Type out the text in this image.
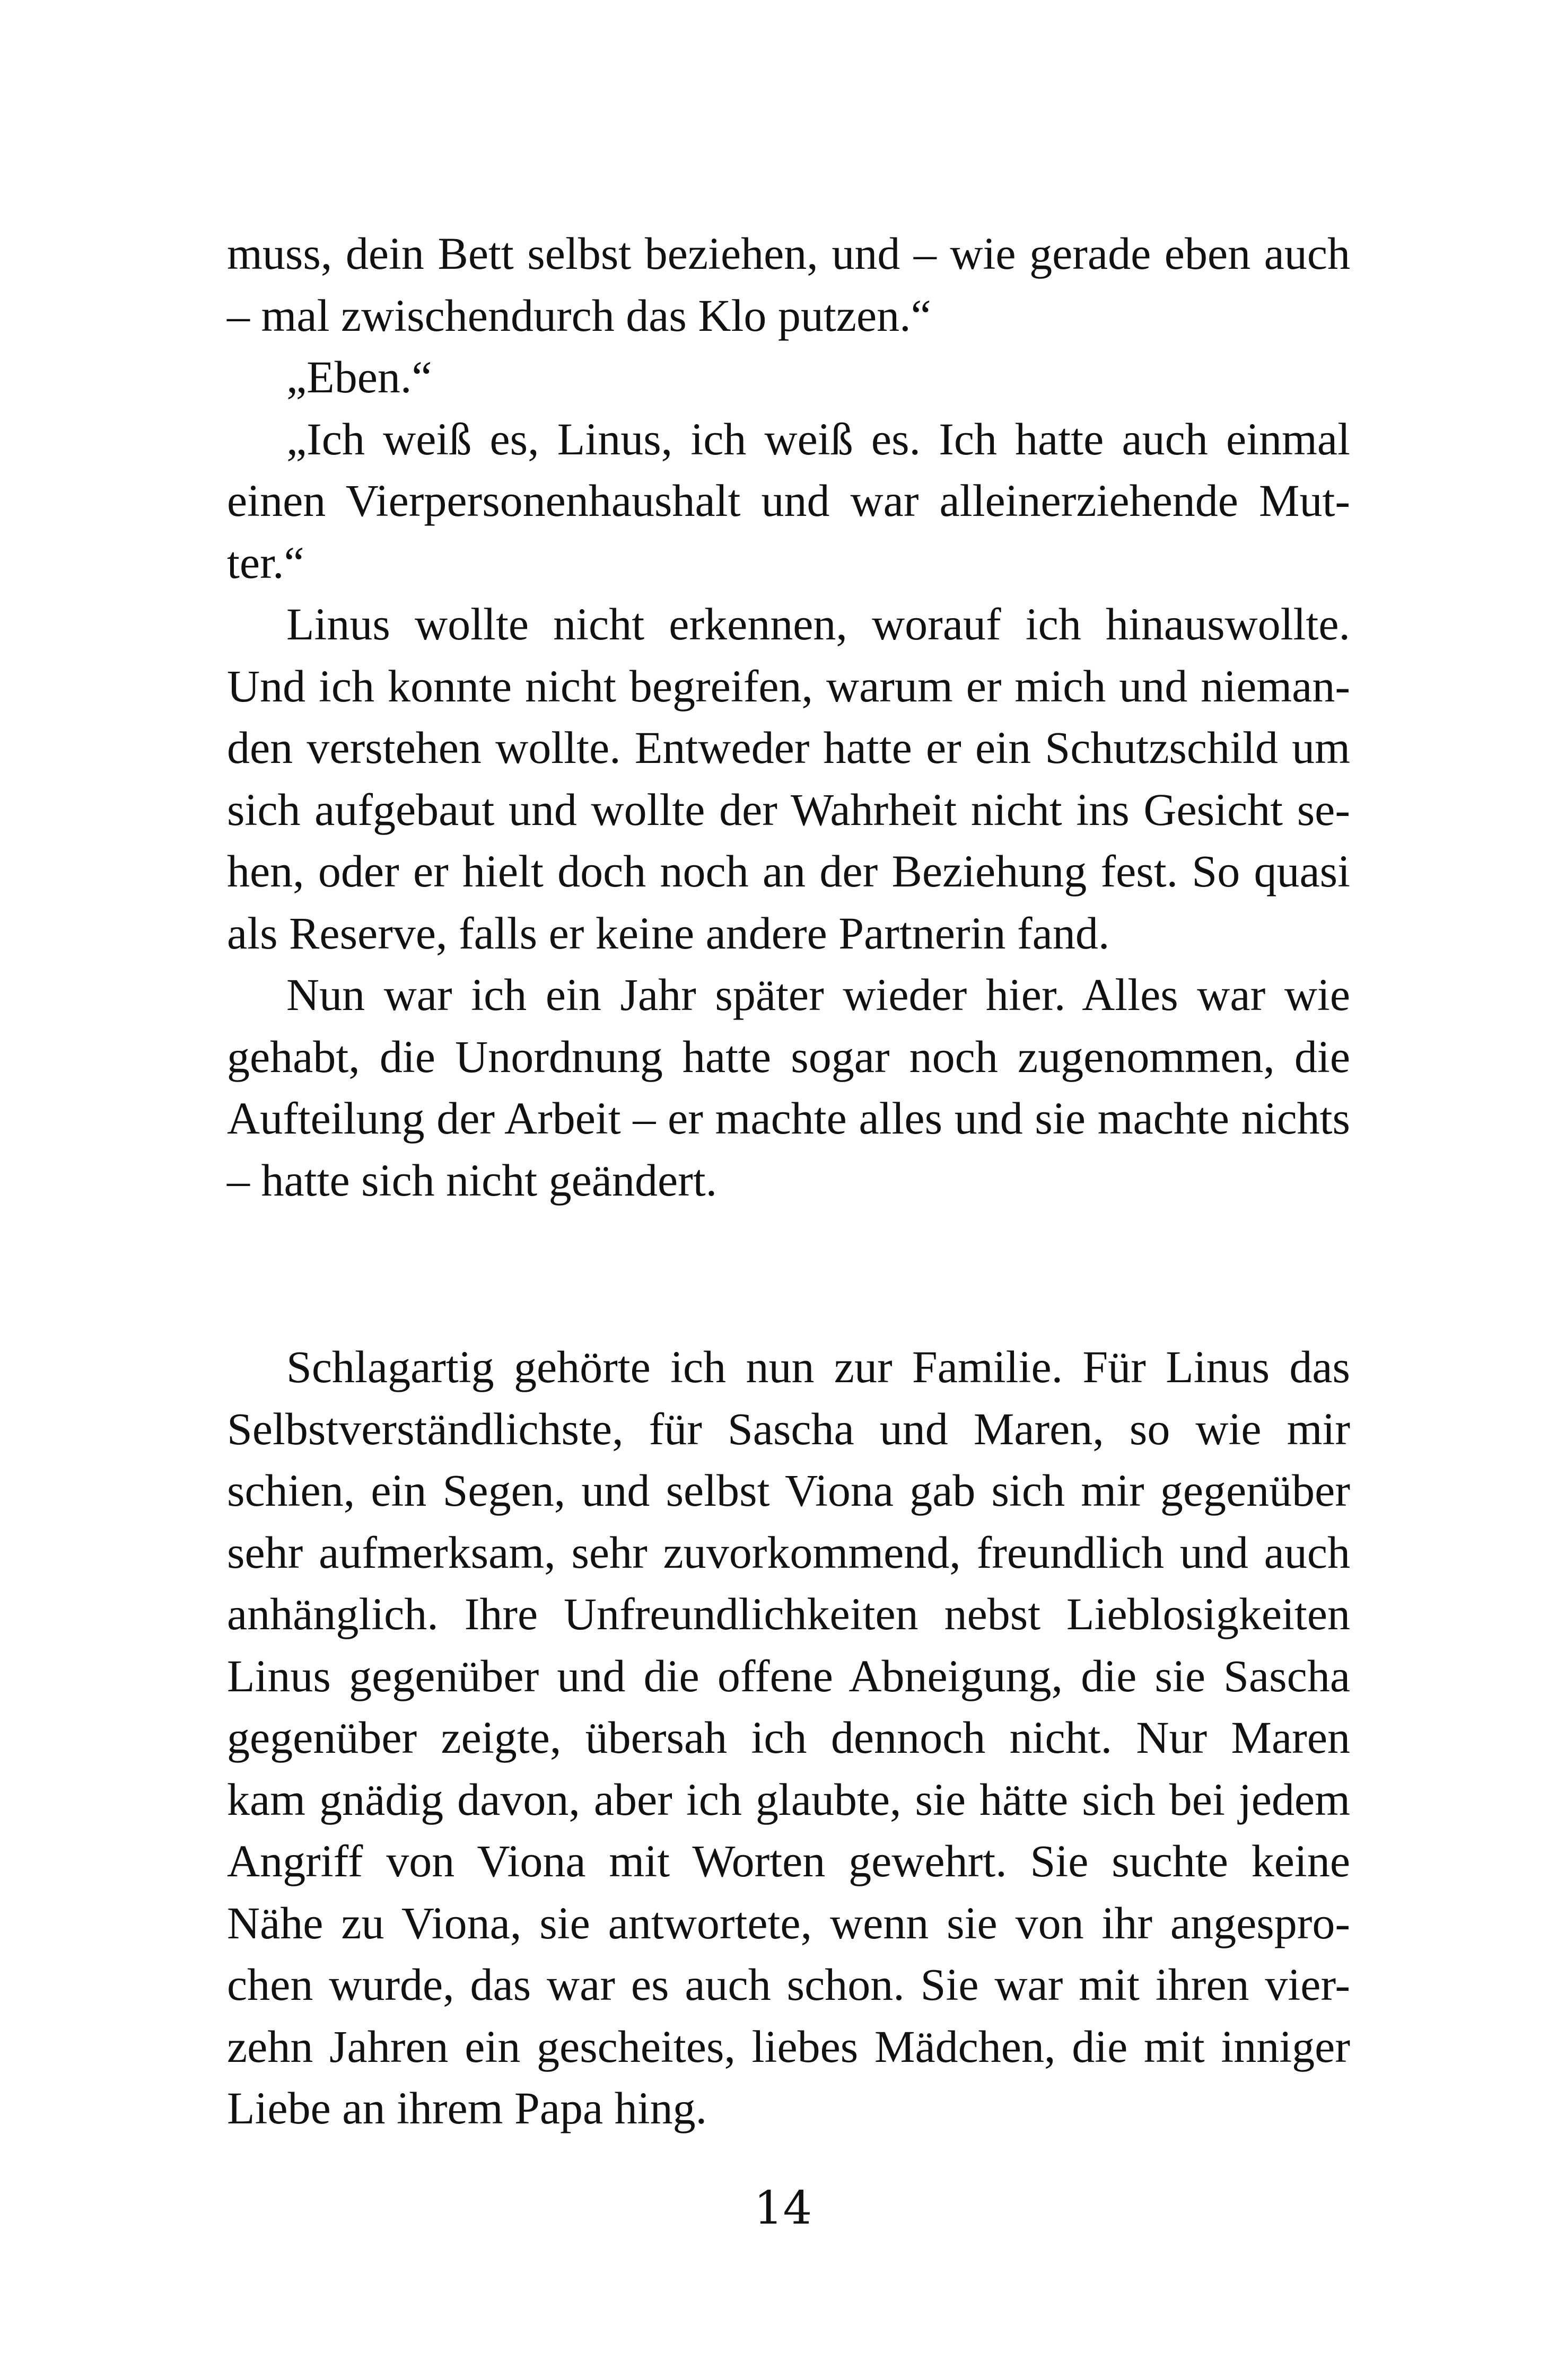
muss, dein Bett selbst beziehen, und – wie gerade eben auch
– mal zwischendurch das Klo putzen.“
„Eben.“
„Ich weiß es, Linus, ich weiß es. Ich hatte auch einmal
einen Vierpersonenhaushalt und war alleinerziehende Mut-
ter.“
Linus wollte nicht erkennen, worauf ich hinauswollte.
Und ich konnte nicht begreifen, warum er mich und nieman-
den verstehen wollte. Entweder hatte er ein Schutzschild um
sich aufgebaut und wollte der Wahrheit nicht ins Gesicht se-
hen, oder er hielt doch noch an der Beziehung fest. So quasi
als Reserve, falls er keine andere Partnerin fand.
Nun war ich ein Jahr später wieder hier. Alles war wie
gehabt, die Unordnung hatte sogar noch zugenommen, die
Aufteilung der Arbeit – er machte alles und sie machte nichts
– hatte sich nicht geändert.
Schlagartig gehörte ich nun zur Familie. Für Linus das
Selbstverständlichste, für Sascha und Maren, so wie mir
schien, ein Segen, und selbst Viona gab sich mir gegenüber
sehr aufmerksam, sehr zuvorkommend, freundlich und auch
anhänglich. Ihre Unfreundlichkeiten nebst Lieblosigkeiten
Linus gegenüber und die offene Abneigung, die sie Sascha
gegenüber zeigte, übersah ich dennoch nicht. Nur Maren
kam gnädig davon, aber ich glaubte, sie hätte sich bei jedem
Angriff von Viona mit Worten gewehrt. Sie suchte keine
Nähe zu Viona, sie antwortete, wenn sie von ihr angespro-
chen wurde, das war es auch schon. Sie war mit ihren vier-
zehn Jahren ein gescheites, liebes Mädchen, die mit inniger
Liebe an ihrem Papa hing.
14
